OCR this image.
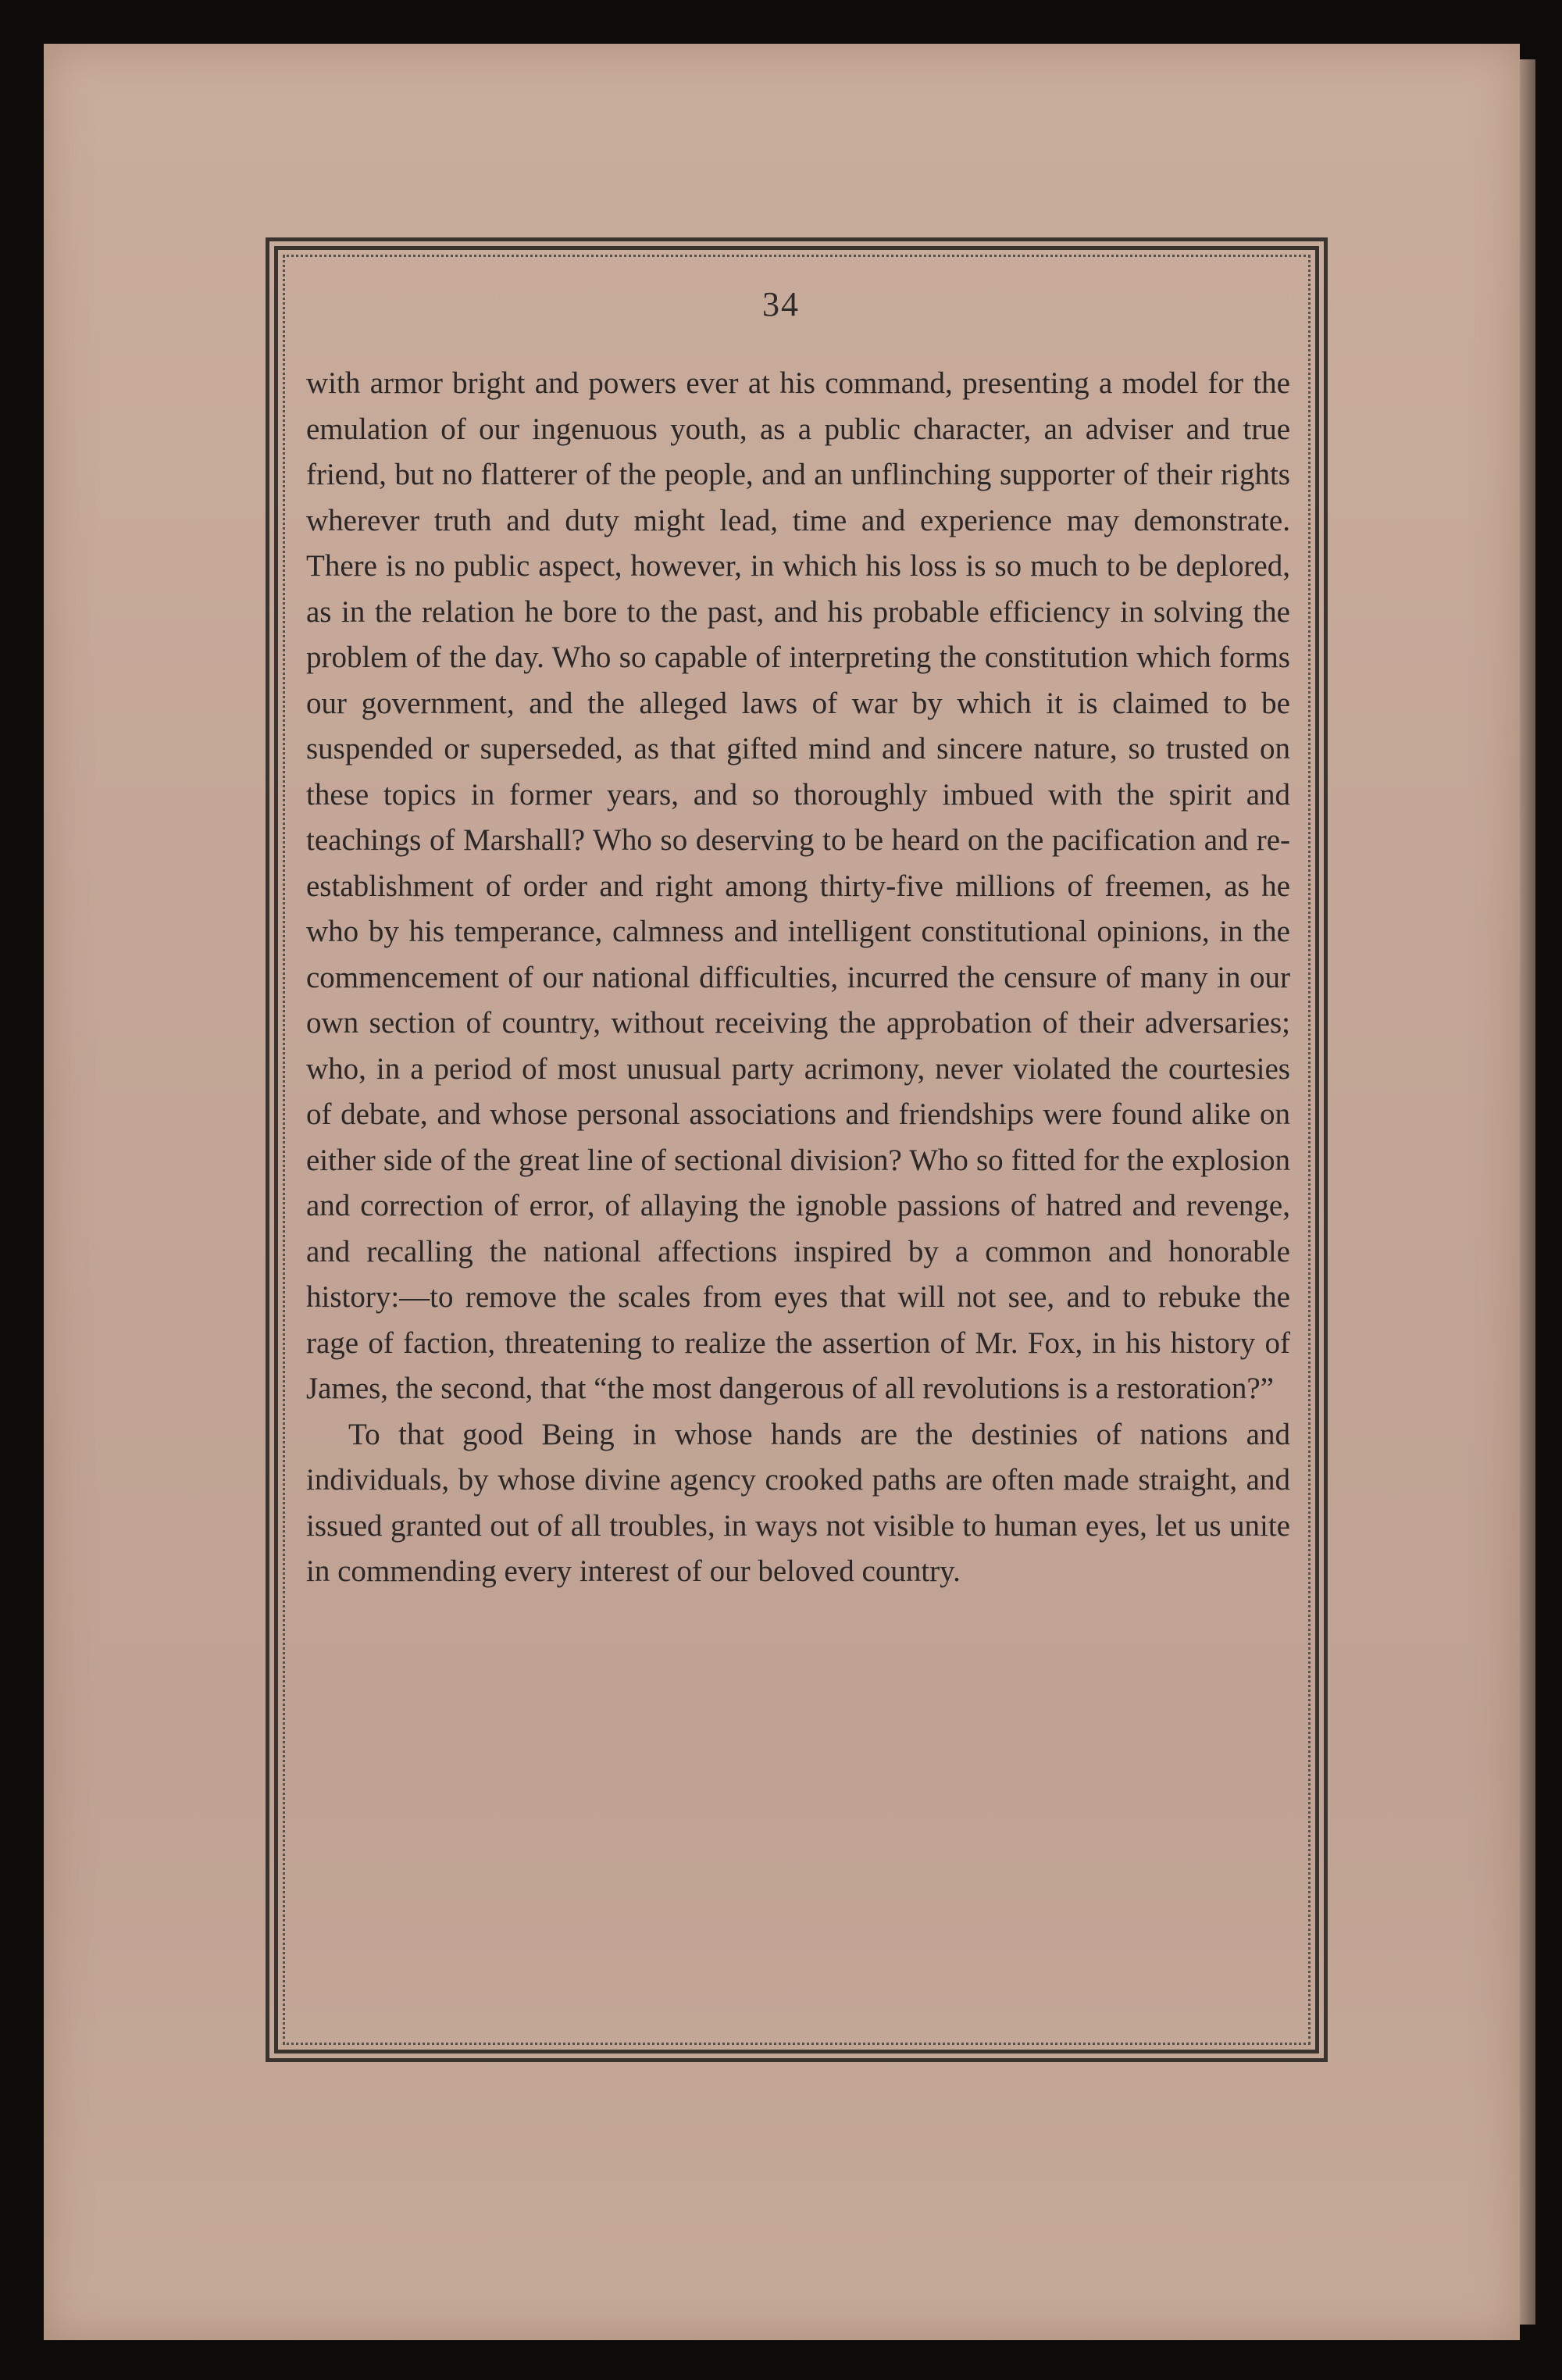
34

with armor bright and powers ever at his command, presenting a model for the emulation of our ingenuous youth, as a public character, an adviser and true friend, but no flatterer of the people, and an unflinching supporter of their rights wherever truth and duty might lead, time and experience may demonstrate. There is no public aspect, however, in which his loss is so much to be deplored, as in the relation he bore to the past, and his probable efficiency in solving the problem of the day. Who so capable of interpreting the constitution which forms our government, and the alleged laws of war by which it is claimed to be suspended or superseded, as that gifted mind and sincere nature, so trusted on these topics in former years, and so thoroughly imbued with the spirit and teachings of Marshall? Who so deserving to be heard on the pacification and re-establishment of order and right among thirty-five millions of freemen, as he who by his temperance, calmness and intelligent constitutional opinions, in the commencement of our national difficulties, incurred the censure of many in our own section of country, without receiving the approbation of their adversaries; who, in a period of most unusual party acrimony, never violated the courtesies of debate, and whose personal associations and friendships were found alike on either side of the great line of sectional division? Who so fitted for the explosion and correction of error, of allaying the ignoble passions of hatred and revenge, and recalling the national affections inspired by a common and honorable history:—to remove the scales from eyes that will not see, and to rebuke the rage of faction, threatening to realize the assertion of Mr. Fox, in his history of James, the second, that “the most dangerous of all revolutions is a restoration?”

To that good Being in whose hands are the destinies of nations and individuals, by whose divine agency crooked paths are often made straight, and issued granted out of all troubles, in ways not visible to human eyes, let us unite in commending every interest of our beloved country.
